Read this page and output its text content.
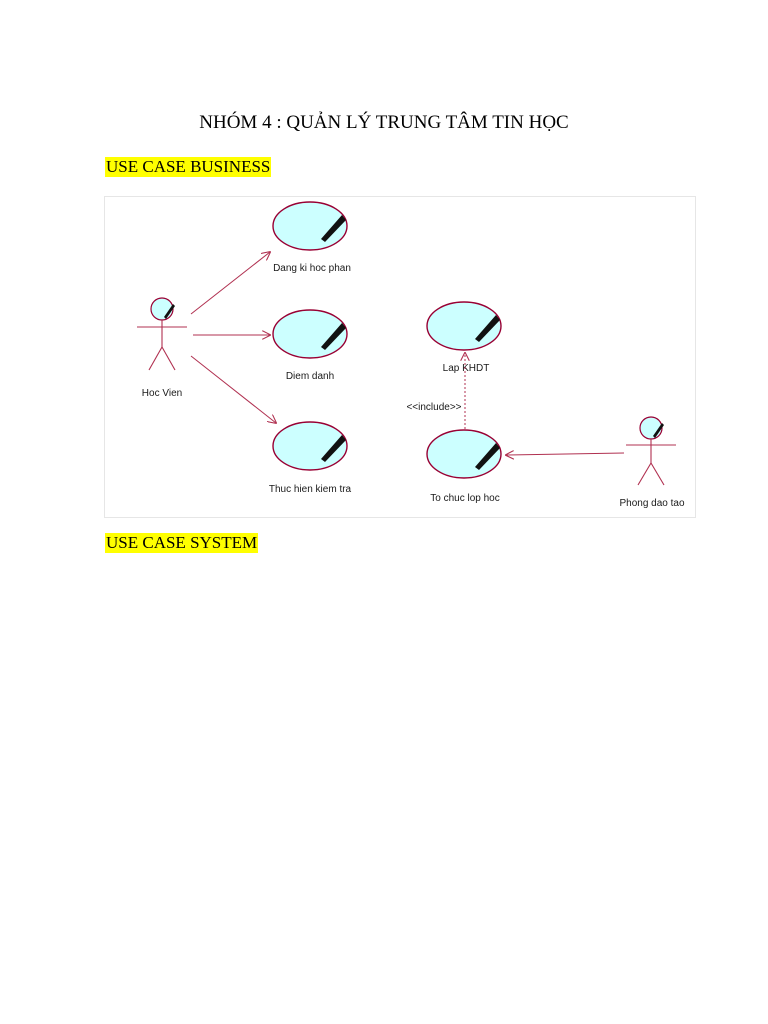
NHÓM 4 : QUẢN LÝ TRUNG TÂM TIN HỌC
USE CASE BUSINESS
Dang ki hoc phan
Diem danh
Thuc hien kiem tra
Lap KHDT
To chuc lop hoc
Hoc Vien
Phong dao tao
<<include>>
USE CASE SYSTEM
